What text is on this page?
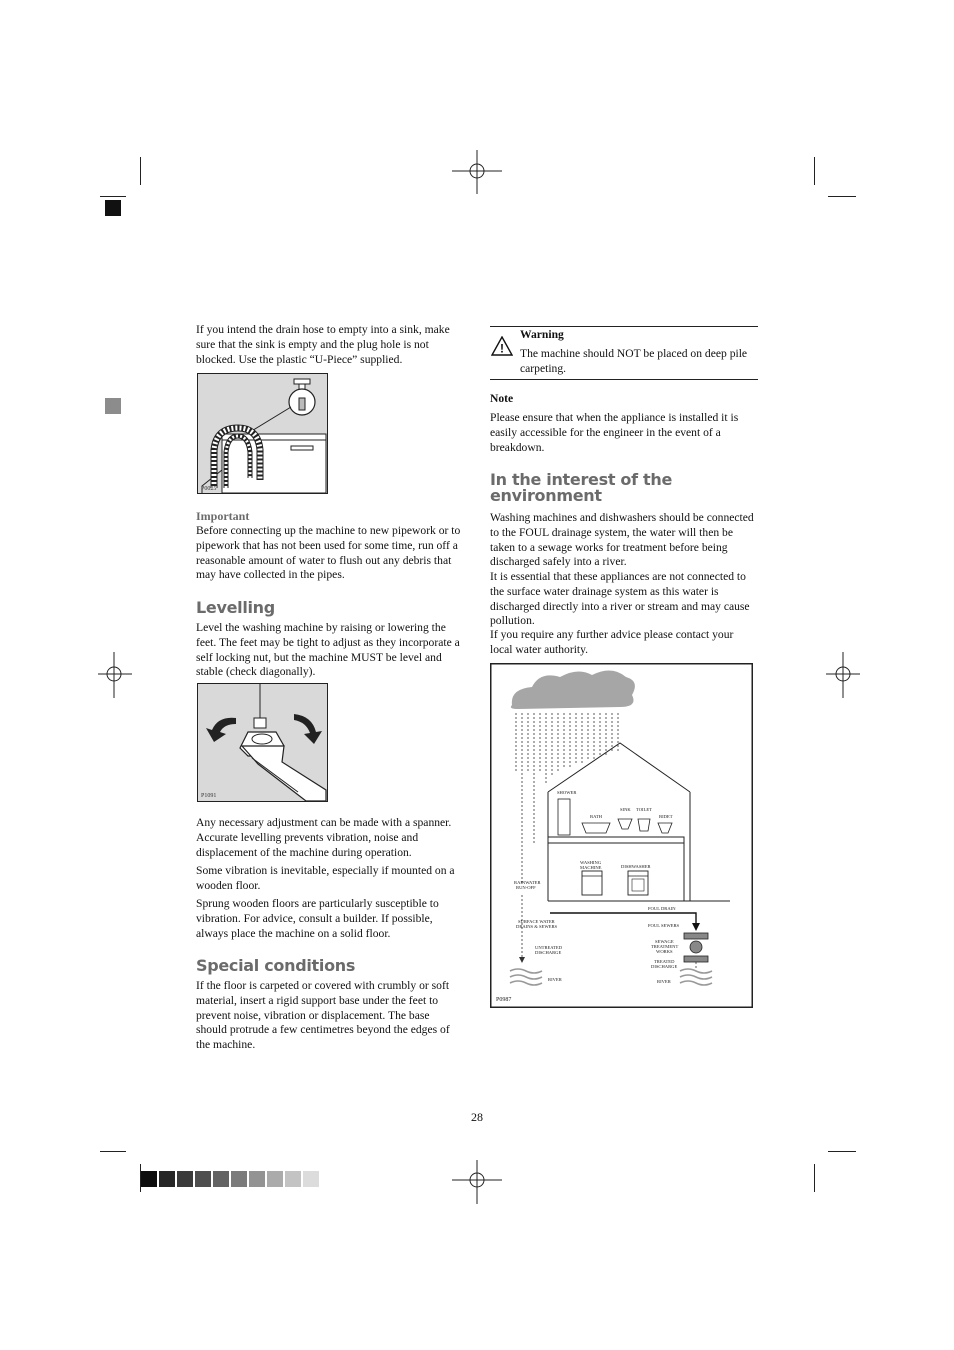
If you intend the drain hose to empty into a sink, make sure that the sink is empty and the plug hole is not blocked. Use the plastic “U-Piece” supplied.

P0025

Important

Before connecting up the machine to new pipework or to pipework that has not been used for some time, run off a reasonable amount of water to flush out any debris that may have collected in the pipes.

Levelling

Level the washing machine by raising or lowering the feet. The feet may be tight to adjust as they incorporate a self locking nut, but the machine MUST be level and stable (check diagonally).

P1091

Any necessary adjustment can be made with a spanner. Accurate levelling prevents vibration, noise and displacement of the machine during operation.

Some vibration is inevitable, especially if mounted on a wooden floor.

Sprung wooden floors are particularly susceptible to vibration. For advice, consult a builder. If possible, always place the machine on a solid floor.

Special conditions

If the floor is carpeted or covered with crumbly or soft material, insert a rigid support base under the feet to prevent noise, vibration or displacement. The base should protrude a few centimetres beyond the edges of the machine.

!

Warning

The machine should NOT be placed on deep pile carpeting.

Note

Please ensure that when the appliance is installed it is easily accessible for the engineer in the event of a breakdown.

In the interest of the
environment

Washing machines and dishwashers should be connected to the FOUL drainage system, the water will then be taken to a sewage works for treatment before being discharged safely into a river.

It is essential that these appliances are not connected to the surface water drainage system as this water is discharged directly into a river or stream and may cause pollution.

If you require any further advice please contact your local water authority.

SHOWER
BATH
SINK TOILET
BIDET
WASHING
MACHINE	DISHWASHER
RAINWATER
RUN-OFF
SURFACE WATER
DRAINS & SEWERS
UNTREATED
DISCHARGE
RIVER
FOUL DRAIN
FOUL SEWERS
SEWAGE
TREATMENT
WORKS
TREATED
DISCHARGE
RIVER
P0987
28
